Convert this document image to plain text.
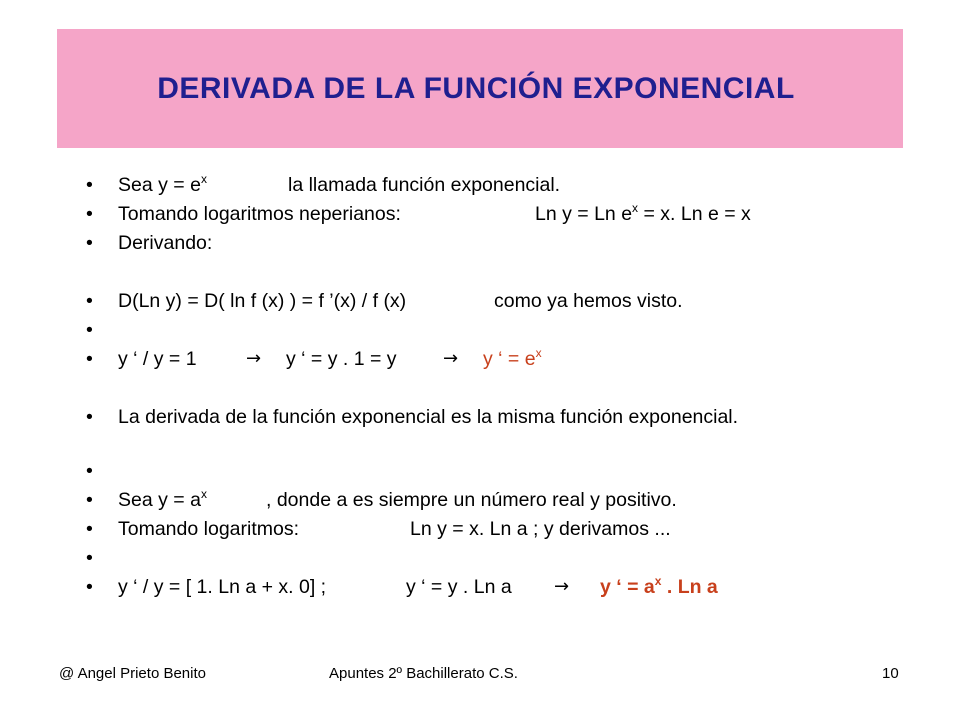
DERIVADA DE LA FUNCIÓN EXPONENCIAL
• Sea $y = e^x$	la llamada función exponencial.
• Tomando logaritmos neperianos:	Ln y = Ln $e^x = x$. Ln e = x
• Derivando:
• D(Ln y) = D( ln f (x) ) = f ’(x) / f (x)	como ya hemos visto.
•
• y ‘ / y = 1	→ y ‘ = y . 1 = y	→ y ‘ = $e^x$
• La derivada de la función exponencial es la misma función exponencial.
•
• Sea $y = a^x$	, donde a es siempre un número real y positivo.
• Tomando logaritmos:	Ln y = x. Ln a ; y derivamos ...
•
• y ‘ / y = [ 1. Ln a + x. 0] ;	y ‘ = y . Ln a → y ‘ = $a^x$ . Ln a
@ Angel Prieto Benito	Apuntes 2º Bachillerato C.S.	10
